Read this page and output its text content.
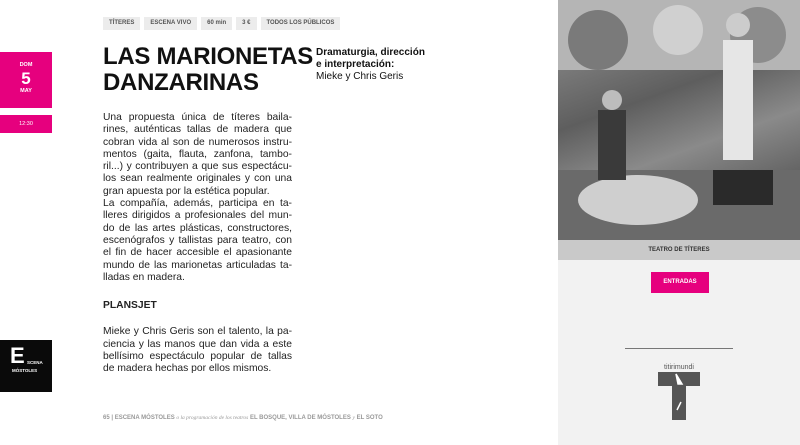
TÍTERES	ESCENA VIVO	60 min	3 €	TODOS LOS PÚBLICOS
DOM
5
MAY
12:30
LAS MARIONETAS
DANZARINAS
Dramaturgia, dirección
e interpretación:
Mieke y Chris Geris
Una propuesta única de títeres baila-
rines, auténticas tallas de madera que
cobran vida al son de numerosos instru-
mentos (gaita, flauta, zanfona, tambo-
ril...) y contribuyen a que sus espectácu-
los sean realmente originales y con una
gran apuesta por la estética popular.
La compañía, además, participa en ta-
lleres dirigidos a profesionales del mun-
do de las artes plásticas, constructores,
escenógrafos y tallistas para teatro, con
el fin de hacer accesible el apasionante
mundo de las marionetas articuladas ta-
lladas en madera.
PLANSJET
Mieke y Chris Geris son el talento, la pa-
ciencia y las manos que dan vida a este
bellísimo espectáculo popular de tallas
de madera hechas por ellos mismos.
E SCENA
MÓSTOLES
65 | ESCENA MÓSTOLES o la programación de los teatros EL BOSQUE, VILLA DE MÓSTOLES y EL SOTO
TEATRO DE TÍTERES
ENTRADAS
titirimundi
